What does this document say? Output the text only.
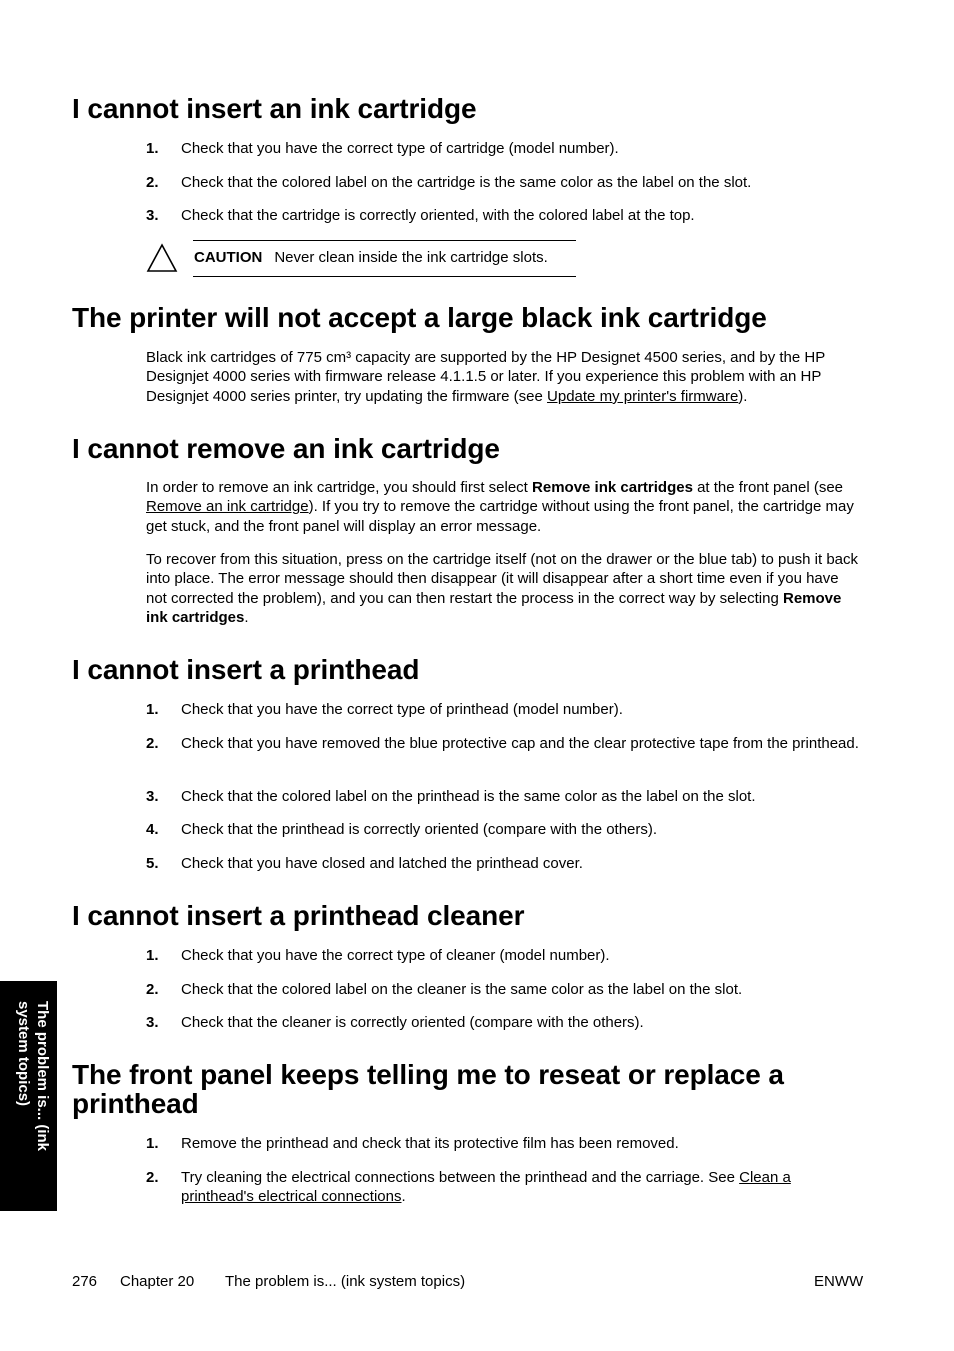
I cannot insert an ink cartridge
1. Check that you have the correct type of cartridge (model number).
2. Check that the colored label on the cartridge is the same color as the label on the slot.
3. Check that the cartridge is correctly oriented, with the colored label at the top.
CAUTION Never clean inside the ink cartridge slots.
The printer will not accept a large black ink cartridge
Black ink cartridges of 775 cm³ capacity are supported by the HP Designet 4500 series, and by the HP Designjet 4000 series with firmware release 4.1.1.5 or later. If you experience this problem with an HP Designjet 4000 series printer, try updating the firmware (see Update my printer's firmware).
I cannot remove an ink cartridge
In order to remove an ink cartridge, you should first select Remove ink cartridges at the front panel (see Remove an ink cartridge). If you try to remove the cartridge without using the front panel, the cartridge may get stuck, and the front panel will display an error message.
To recover from this situation, press on the cartridge itself (not on the drawer or the blue tab) to push it back into place. The error message should then disappear (it will disappear after a short time even if you have not corrected the problem), and you can then restart the process in the correct way by selecting Remove ink cartridges.
I cannot insert a printhead
1. Check that you have the correct type of printhead (model number).
2. Check that you have removed the blue protective cap and the clear protective tape from the printhead.
3. Check that the colored label on the printhead is the same color as the label on the slot.
4. Check that the printhead is correctly oriented (compare with the others).
5. Check that you have closed and latched the printhead cover.
I cannot insert a printhead cleaner
1. Check that you have the correct type of cleaner (model number).
2. Check that the colored label on the cleaner is the same color as the label on the slot.
3. Check that the cleaner is correctly oriented (compare with the others).
The front panel keeps telling me to reseat or replace a
printhead
1. Remove the printhead and check that its protective film has been removed.
2. Try cleaning the electrical connections between the printhead and the carriage. See Clean a printhead's electrical connections.
The problem is... (ink
system topics)
276 Chapter 20 The problem is... (ink system topics)	ENWW
